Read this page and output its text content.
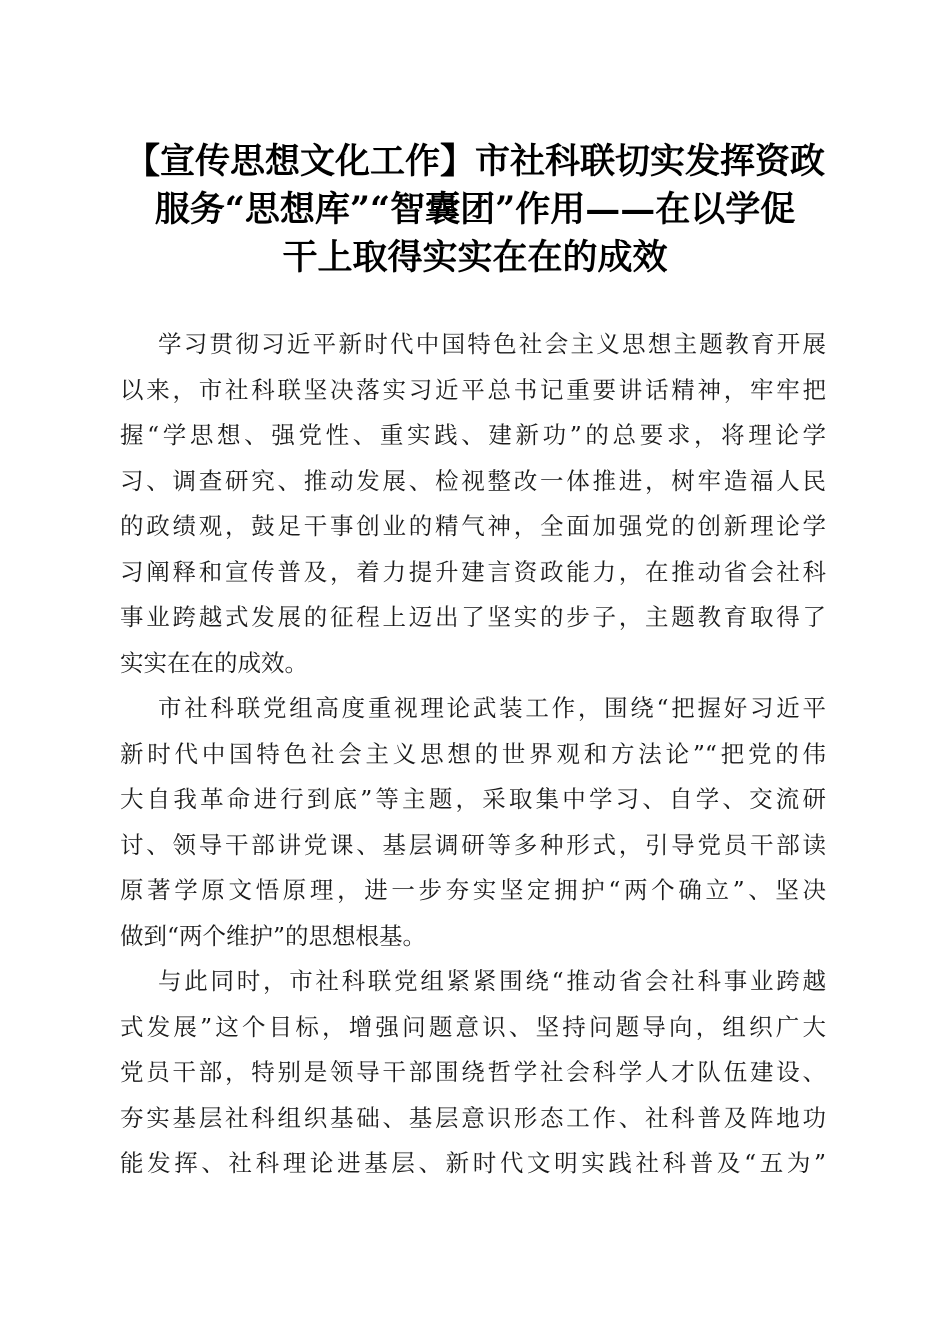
【宣传思想文化工作】市社科联切实发挥资政
服务“思想库”“智囊团”作用——在以学促
干上取得实实在在的成效
学习贯彻习近平新时代中国特色社会主义思想主题教育开展
以来，市社科联坚决落实习近平总书记重要讲话精神，牢牢把
握“学思想、强党性、重实践、建新功”的总要求，将理论学
习、调查研究、推动发展、检视整改一体推进，树牢造福人民
的政绩观，鼓足干事创业的精气神，全面加强党的创新理论学
习阐释和宣传普及，着力提升建言资政能力，在推动省会社科
事业跨越式发展的征程上迈出了坚实的步子，主题教育取得了
实实在在的成效。
市社科联党组高度重视理论武装工作，围绕“把握好习近平
新时代中国特色社会主义思想的世界观和方法论”“把党的伟
大自我革命进行到底”等主题，采取集中学习、自学、交流研
讨、领导干部讲党课、基层调研等多种形式，引导党员干部读
原著学原文悟原理，进一步夯实坚定拥护“两个确立”、坚决
做到“两个维护”的思想根基。
与此同时，市社科联党组紧紧围绕“推动省会社科事业跨越
式发展”这个目标，增强问题意识、坚持问题导向，组织广大
党员干部，特别是领导干部围绕哲学社会科学人才队伍建设、
夯实基层社科组织基础、基层意识形态工作、社科普及阵地功
能发挥、社科理论进基层、新时代文明实践社科普及“五为”
